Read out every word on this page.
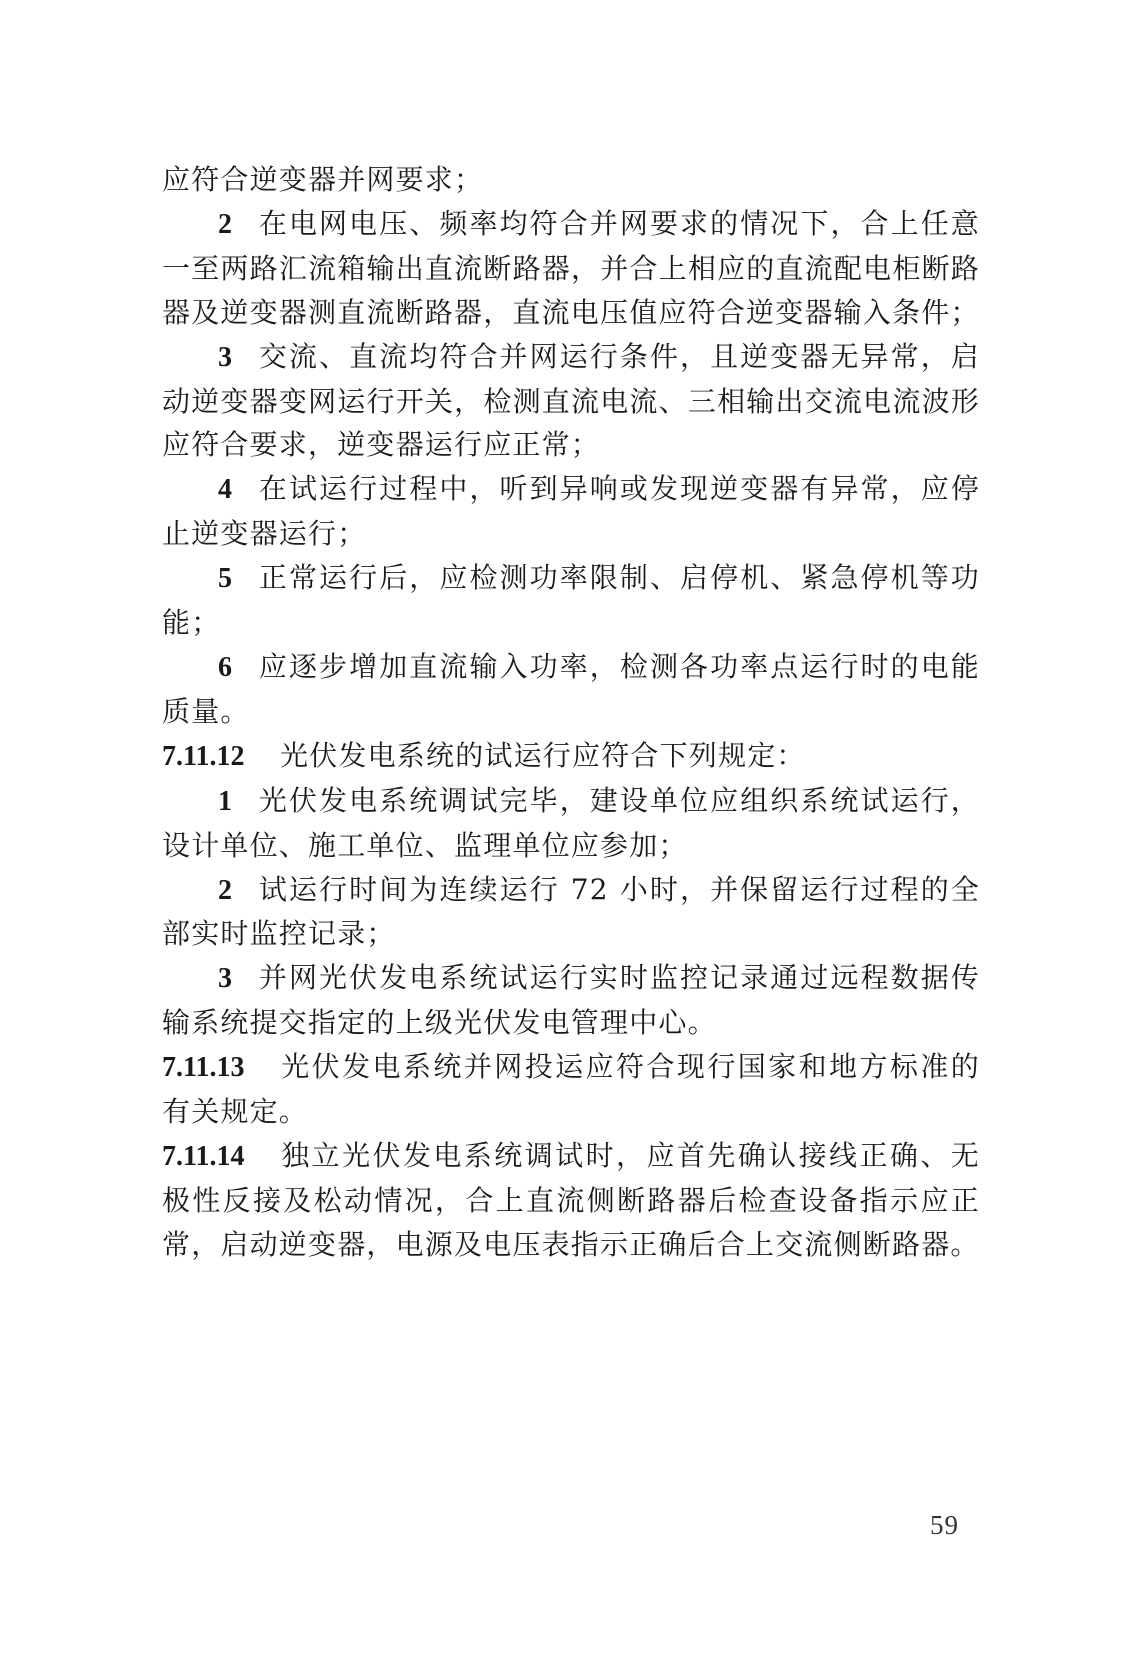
应符合逆变器并网要求；

2 在电网电压、频率均符合并网要求的情况下，合上任意一至两路汇流箱输出直流断路器，并合上相应的直流配电柜断路器及逆变器测直流断路器，直流电压值应符合逆变器输入条件；

3 交流、直流均符合并网运行条件，且逆变器无异常，启动逆变器变网运行开关，检测直流电流、三相输出交流电流波形应符合要求，逆变器运行应正常；

4 在试运行过程中，听到异响或发现逆变器有异常，应停止逆变器运行；

5 正常运行后，应检测功率限制、启停机、紧急停机等功能；

6 应逐步增加直流输入功率，检测各功率点运行时的电能质量。

7.11.12 光伏发电系统的试运行应符合下列规定：

1 光伏发电系统调试完毕，建设单位应组织系统试运行，设计单位、施工单位、监理单位应参加；

2 试运行时间为连续运行 72 小时，并保留运行过程的全部实时监控记录；

3 并网光伏发电系统试运行实时监控记录通过远程数据传输系统提交指定的上级光伏发电管理中心。

7.11.13 光伏发电系统并网投运应符合现行国家和地方标准的有关规定。

7.11.14 独立光伏发电系统调试时，应首先确认接线正确、无极性反接及松动情况，合上直流侧断路器后检查设备指示应正常，启动逆变器，电源及电压表指示正确后合上交流侧断路器。

59
